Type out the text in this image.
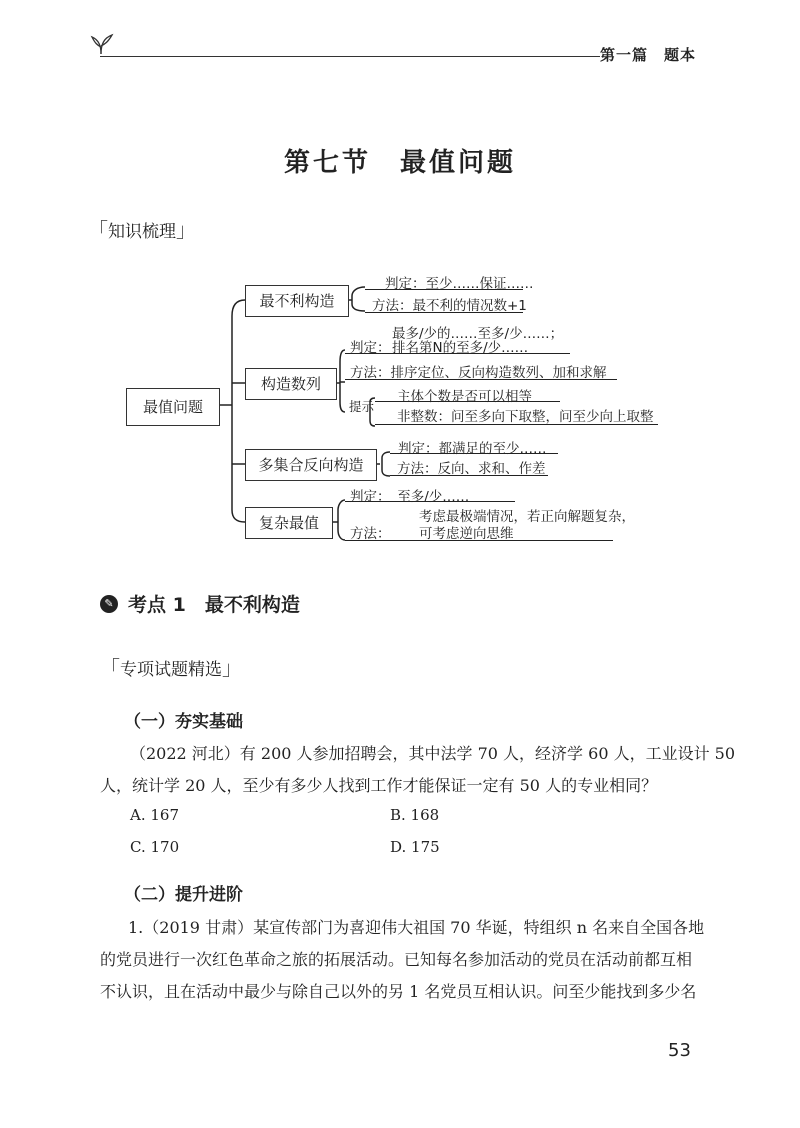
第一篇　题本
第七节　最值问题
「知识梳理」
最值问题
最不利构造
构造数列
多集合反向构造
复杂最值
判定：至少……保证……
方法：最不利的情况数+1
最多/少的……至多/少……；
判定： 排名第N的至多/少……
方法：排序定位、反向构造数列、加和求解
提示
主体个数是否可以相等
非整数：问至多向下取整，问至少向上取整
判定：都满足的至少……
方法：反向、求和、作差
判定：　至多/少……
考虑最极端情况，若正向解题复杂，
方法： 可考虑逆向思维
✎ 考点 1　最不利构造
「专项试题精选」
（一）夯实基础
（2022 河北）有 200 人参加招聘会，其中法学 70 人，经济学 60 人，工业设计 50
人，统计学 20 人，至少有多少人找到工作才能保证一定有 50 人的专业相同？
A. 167	B. 168
C. 170	D. 175
（二）提升进阶
1.（2019 甘肃）某宣传部门为喜迎伟大祖国 70 华诞，特组织 n 名来自全国各地
的党员进行一次红色革命之旅的拓展活动。已知每名参加活动的党员在活动前都互相
不认识，且在活动中最少与除自己以外的另 1 名党员互相认识。问至少能找到多少名
53
